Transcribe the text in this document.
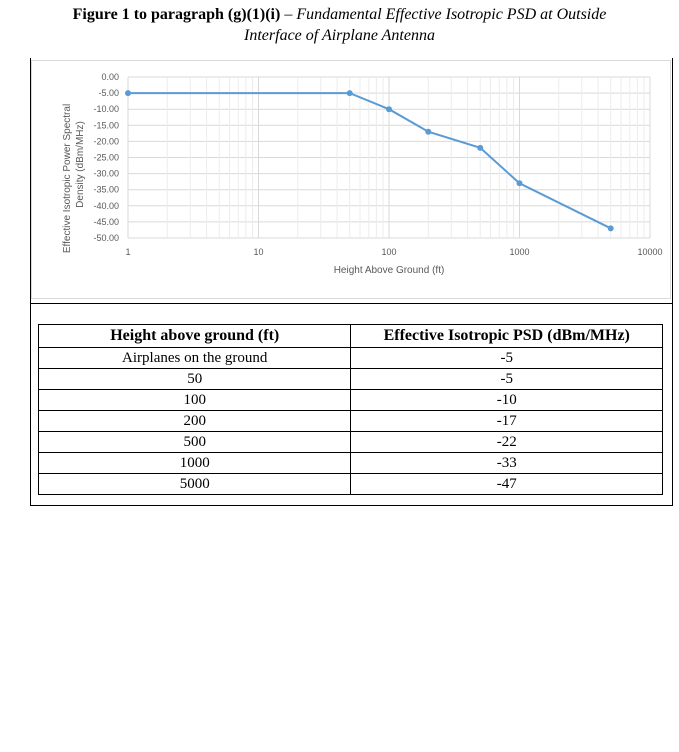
Figure 1 to paragraph (g)(1)(i) – Fundamental Effective Isotropic PSD at Outside
Interface of Airplane Antenna
0.00
-5.00
-10.00
-15.00
-20.00
-25.00
-30.00
-35.00
-40.00
-45.00
-50.00
1	10	100	1000	10000
Height Above Ground (ft)
Effective Isotropic Power Spectral Density (dBm/MHz)
Height above ground (ft)	Effective Isotropic PSD (dBm/MHz)
Airplanes on the ground	-5
50	-5
100	-10
200	-17
500	-22
1000	-33
5000	-47
